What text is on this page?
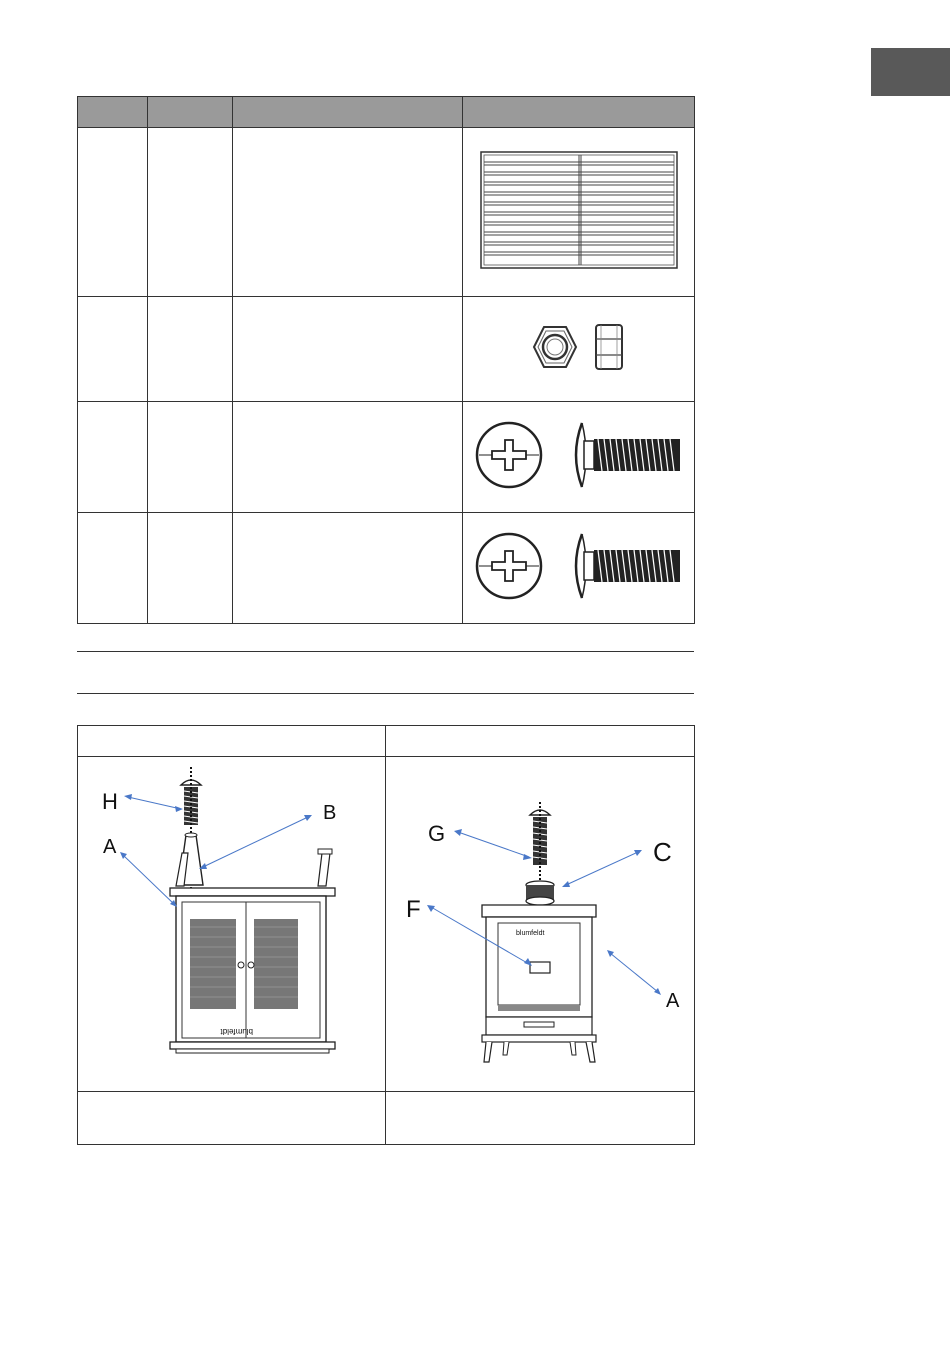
blumfeldt
H B
A	blumfeldt
G
C
F
A
